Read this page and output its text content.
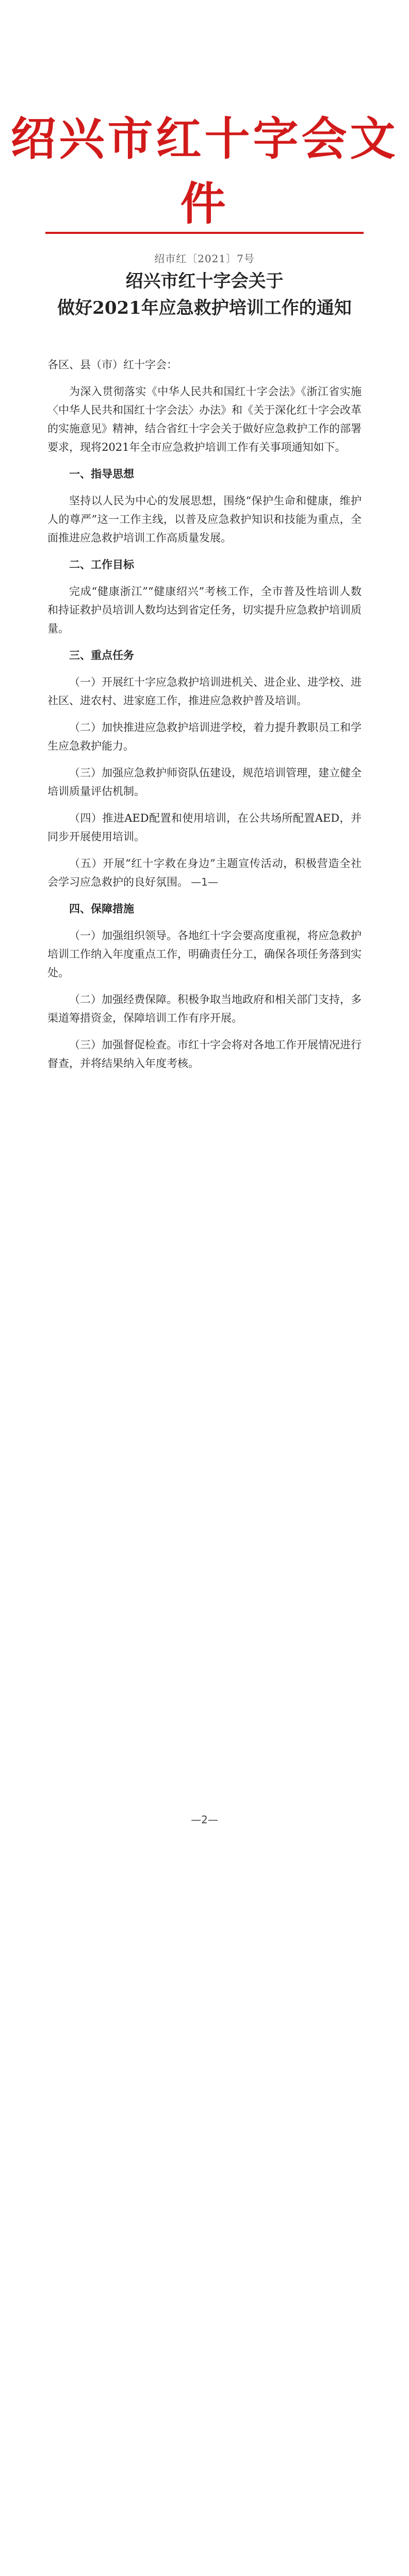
绍兴市红十字会文件
绍市红〔2021〕7号
绍兴市红十字会关于
做好2021年应急救护培训工作的通知

各区、县（市）红十字会：

为深入贯彻落实《中华人民共和国红十字会法》《浙江省实施〈中华人民共和国红十字会法〉办法》和《关于深化红十字会改革的实施意见》精神，结合省红十字会关于做好应急救护工作的部署要求，现将2021年全市应急救护培训工作有关事项通知如下。

一、指导思想

坚持以人民为中心的发展思想，围绕“保护生命和健康，维护人的尊严”这一工作主线，以普及应急救护知识和技能为重点，全面推进应急救护培训工作高质量发展。

二、工作目标

完成“健康浙江”“健康绍兴”考核工作，全市普及性培训人数和持证救护员培训人数均达到省定任务，切实提升应急救护培训质量。

三、重点任务

（一）开展红十字应急救护培训进机关、进企业、进学校、进社区、进农村、进家庭工作，推进应急救护普及培训。

（二）加快推进应急救护培训进学校，着力提升教职员工和学生应急救护能力。

（三）加强应急救护师资队伍建设，规范培训管理，建立健全培训质量评估机制。

（四）推进AED配置和使用培训，在公共场所配置AED，并同步开展使用培训。

（五）开展“红十字救在身边”主题宣传活动，积极营造全社会学习应急救护的良好氛围。

四、保障措施

（一）加强组织领导。各地红十字会要高度重视，将应急救护培训工作纳入年度重点工作，明确责任分工，确保各项任务落到实处。

（二）加强经费保障。积极争取当地政府和相关部门支持，多渠道筹措资金，保障培训工作有序开展。

（三）加强督促检查。市红十字会将对各地工作开展情况进行督查，并将结果纳入年度考核。

—1—
—2—
